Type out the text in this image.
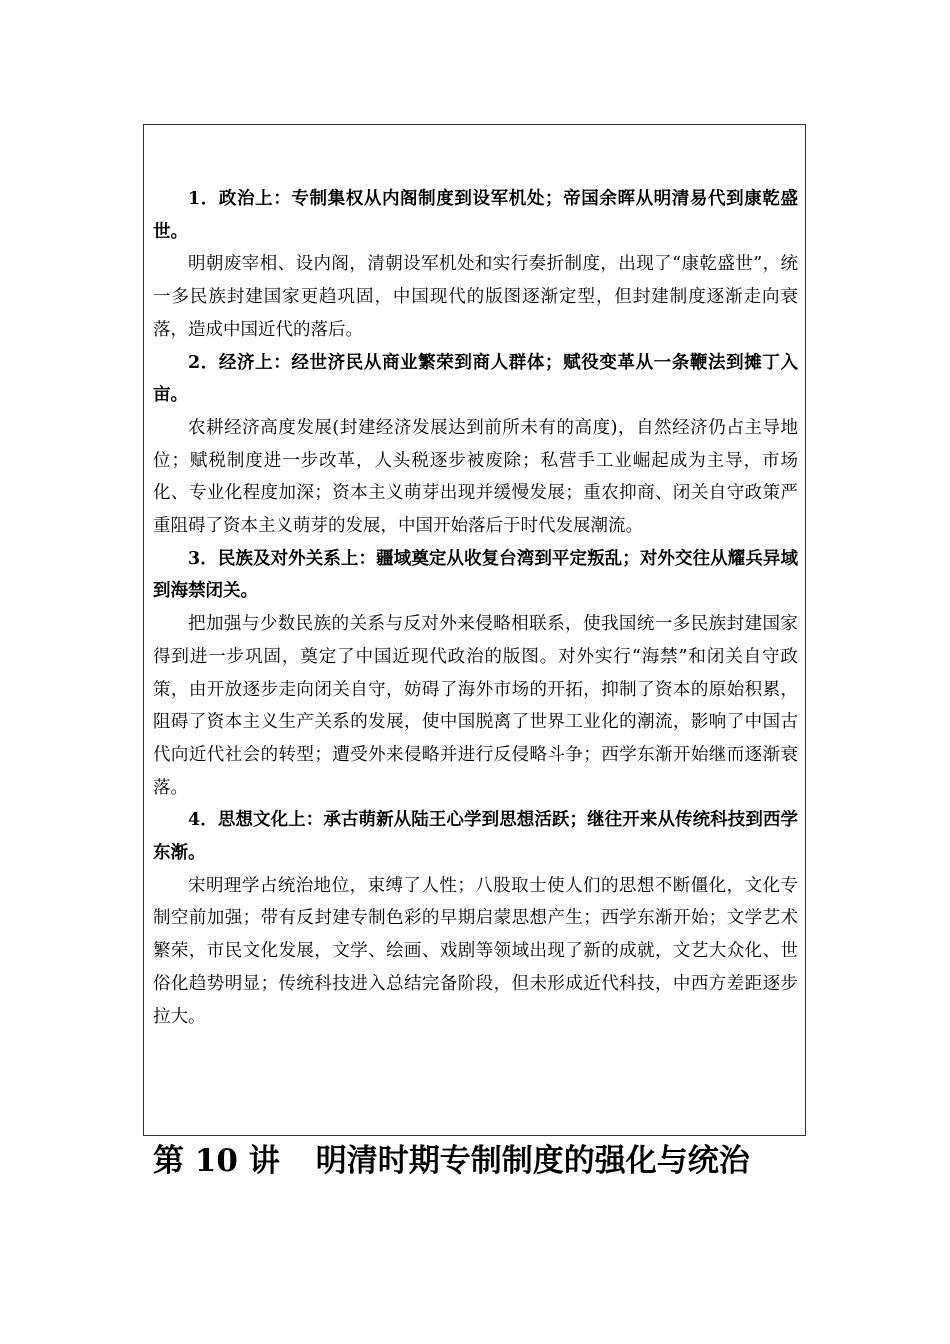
1．政治上：专制集权从内阁制度到设军机处；帝国余晖从明清易代到康乾盛世。

明朝废宰相、设内阁，清朝设军机处和实行奏折制度，出现了“康乾盛世”，统一多民族封建国家更趋巩固，中国现代的版图逐渐定型，但封建制度逐渐走向衰落，造成中国近代的落后。

2．经济上：经世济民从商业繁荣到商人群体；赋役变革从一条鞭法到摊丁入亩。

农耕经济高度发展(封建经济发展达到前所未有的高度)，自然经济仍占主导地位；赋税制度进一步改革，人头税逐步被废除；私营手工业崛起成为主导，市场化、专业化程度加深；资本主义萌芽出现并缓慢发展；重农抑商、闭关自守政策严重阻碍了资本主义萌芽的发展，中国开始落后于时代发展潮流。

3．民族及对外关系上：疆域奠定从收复台湾到平定叛乱；对外交往从耀兵异域到海禁闭关。

把加强与少数民族的关系与反对外来侵略相联系，使我国统一多民族封建国家得到进一步巩固，奠定了中国近现代政治的版图。对外实行“海禁”和闭关自守政策，由开放逐步走向闭关自守，妨碍了海外市场的开拓，抑制了资本的原始积累，阻碍了资本主义生产关系的发展，使中国脱离了世界工业化的潮流，影响了中国古代向近代社会的转型；遭受外来侵略并进行反侵略斗争；西学东渐开始继而逐渐衰落。

4．思想文化上：承古萌新从陆王心学到思想活跃；继往开来从传统科技到西学东渐。

宋明理学占统治地位，束缚了人性；八股取士使人们的思想不断僵化，文化专制空前加强；带有反封建专制色彩的早期启蒙思想产生；西学东渐开始；文学艺术繁荣，市民文化发展，文学、绘画、戏剧等领域出现了新的成就，文艺大众化、世俗化趋势明显；传统科技进入总结完备阶段，但未形成近代科技，中西方差距逐步拉大。

第 10 讲 明清时期专制制度的强化与统治
